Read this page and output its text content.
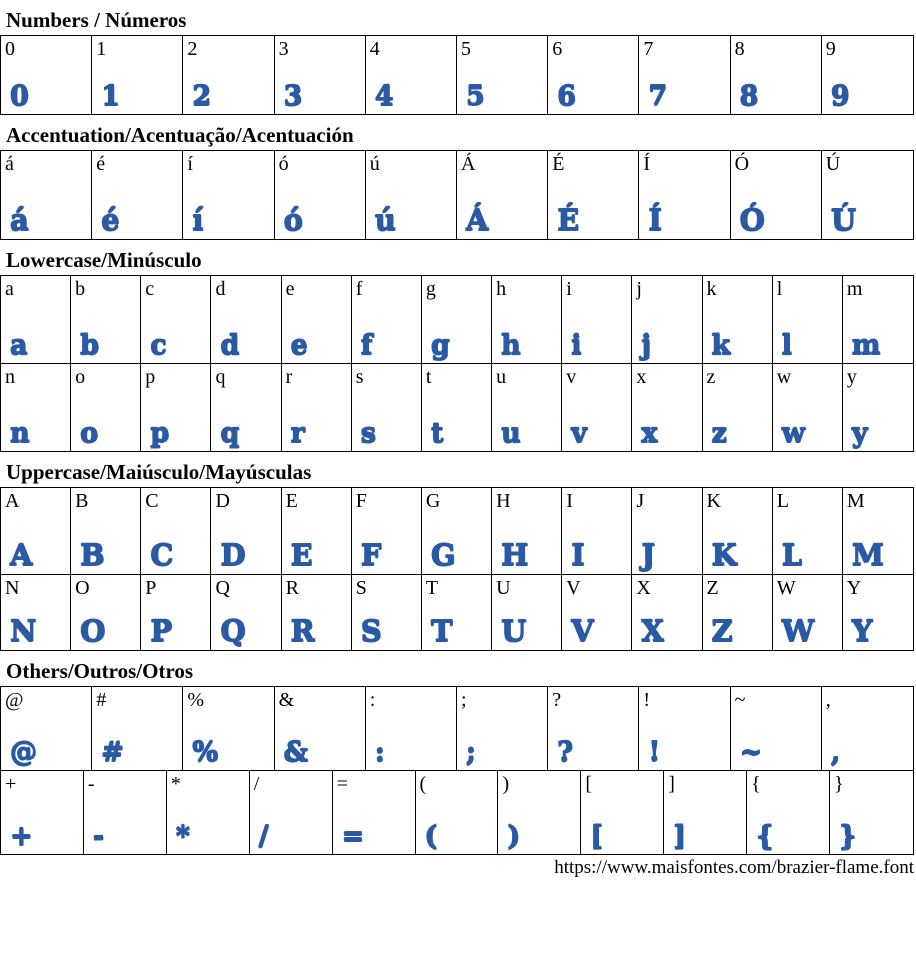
Numbers / Números
0
0
1
1
2
2
3
3
4
4
5
5
6
6
7
7
8
8
9
9
Accentuation/Acentuação/Acentuación
á
á
é
é
í
í
ó
ó
ú
ú
Á
Á
É
É
Í
Í
Ó
Ó
Ú
Ú
Lowercase/Minúsculo
a
a
b
b
c
c
d
d
e
e
f
f
g
g
h
h
i
i
j
j
k
k
l
l
m
m
n
n
o
o
p
p
q
q
r
r
s
s
t
t
u
u
v
v
x
x
z
z
w
w
y
y
Uppercase/Maiúsculo/Mayúsculas
A
A
B
B
C
C
D
D
E
E
F
F
G
G
H
H
I
I
J
J
K
K
L
L
M
M
N
N
O
O
P
P
Q
Q
R
R
S
S
T
T
U
U
V
V
X
X
Z
Z
W
W
Y
Y
Others/Outros/Otros
@
@
#
#
%
%
&
&
:
:
;
;
?
?
!
!
~
~
,
,
+
+
-
-
*
*
/
/
=
=
(
(
)
)
[
[
]
]
{
{
}
}
https://www.maisfontes.com/brazier-flame.font
